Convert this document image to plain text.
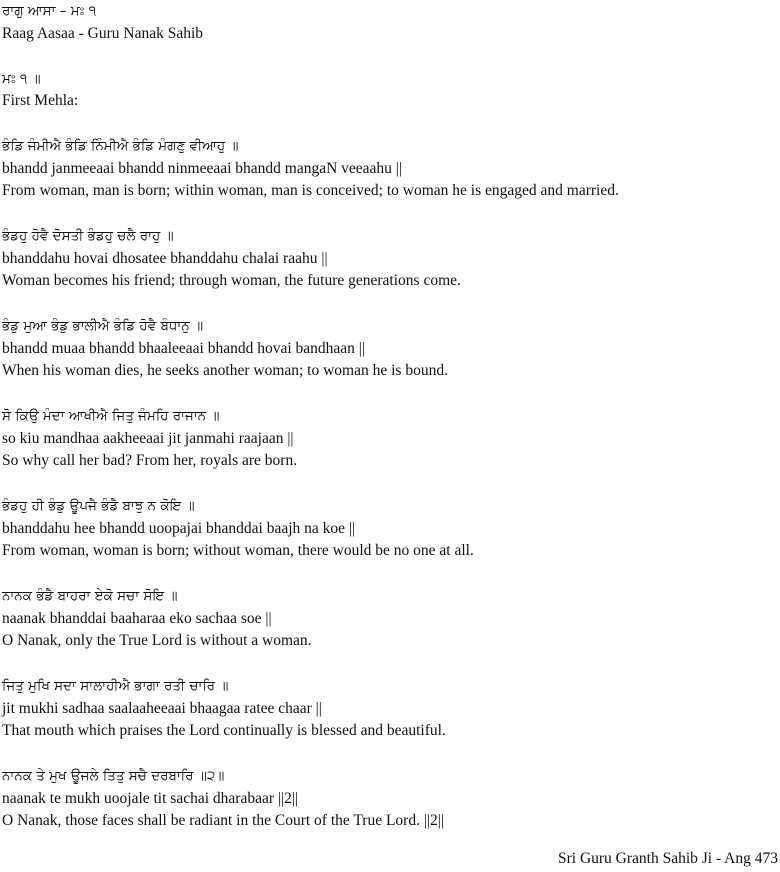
ਰਾਗੁ ਆਸਾ – ਮਃ ੧
Raag Aasaa - Guru Nanak Sahib
ਮਃ ੧ ॥
First Mehla:
ਭੰਡਿ ਜੰਮੀਐ ਭੰਡਿ ਨਿੰਮੀਐ ਭੰਡਿ ਮੰਗਣੁ ਵੀਆਹੁ ॥
bhandd janmeeaai bhandd ninmeeaai bhandd mangaN veeaahu ||
From woman, man is born; within woman, man is conceived; to woman he is engaged and married.
ਭੰਡਹੁ ਹੋਵੈ ਦੋਸਤੀ ਭੰਡਹੁ ਚਲੈ ਰਾਹੁ ॥
bhanddahu hovai dhosatee bhanddahu chalai raahu ||
Woman becomes his friend; through woman, the future generations come.
ਭੰਡੁ ਮੁਆ ਭੰਡੁ ਭਾਲੀਐ ਭੰਡਿ ਹੋਵੈ ਬੰਧਾਨੁ ॥
bhandd muaa bhandd bhaaleeaai bhandd hovai bandhaan ||
When his woman dies, he seeks another woman; to woman he is bound.
ਸੋ ਕਿਉ ਮੰਦਾ ਆਖੀਐ ਜਿਤੁ ਜੰਮਹਿ ਰਾਜਾਨ ॥
so kiu mandhaa aakheeaai jit janmahi raajaan ||
So why call her bad? From her, royals are born.
ਭੰਡਹੁ ਹੀ ਭੰਡੁ ਊਪਜੈ ਭੰਡੈ ਬਾਝੁ ਨ ਕੋਇ ॥
bhanddahu hee bhandd uoopajai bhanddai baajh na koe ||
From woman, woman is born; without woman, there would be no one at all.
ਨਾਨਕ ਭੰਡੈ ਬਾਹਰਾ ਏਕੋ ਸਚਾ ਸੋਇ ॥
naanak bhanddai baaharaa eko sachaa soe ||
O Nanak, only the True Lord is without a woman.
ਜਿਤੁ ਮੁਖਿ ਸਦਾ ਸਾਲਾਹੀਐ ਭਾਗਾ ਰਤੀ ਚਾਰਿ ॥
jit mukhi sadhaa saalaaheeaai bhaagaa ratee chaar ||
That mouth which praises the Lord continually is blessed and beautiful.
ਨਾਨਕ ਤੇ ਮੁਖ ਊਜਲੇ ਤਿਤੁ ਸਚੈ ਦਰਬਾਰਿ ॥੨॥
naanak te mukh uoojale tit sachai dharabaar ||2||
O Nanak, those faces shall be radiant in the Court of the True Lord. ||2||
Sri Guru Granth Sahib Ji - Ang 473
